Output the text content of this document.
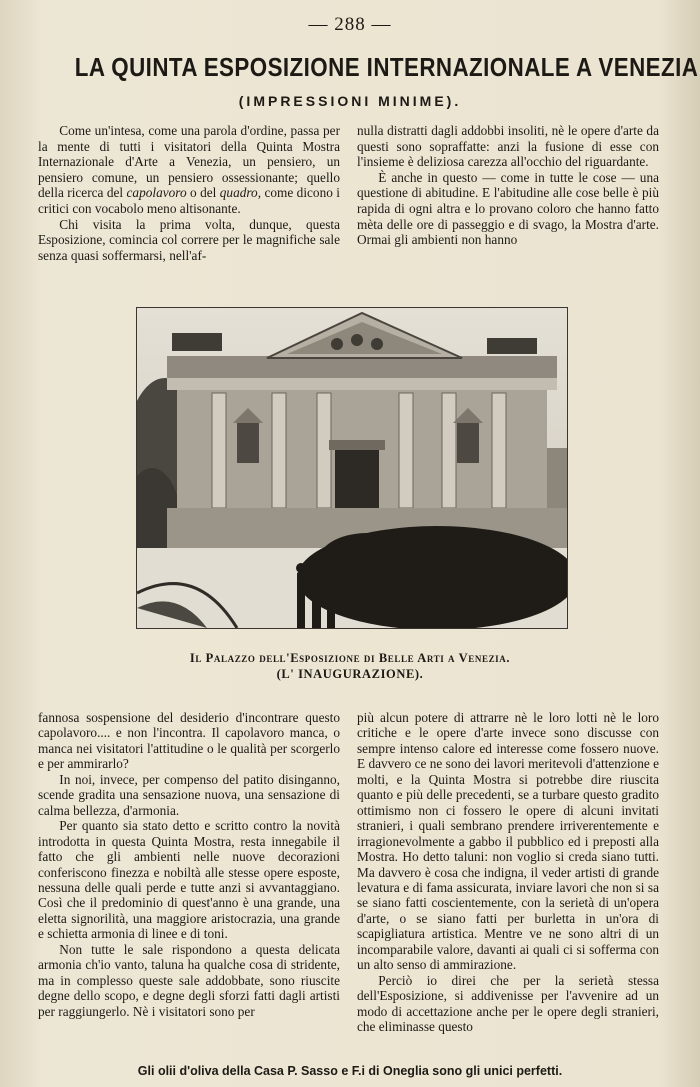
— 288 —
LA QUINTA ESPOSIZIONE INTERNAZIONALE A VENEZIA
(IMPRESSIONI MINIME).

Come un'intesa, come una parola d'ordine, passa per la mente di tutti i visitatori della Quinta Mostra Internazionale d'Arte a Venezia, un pensiero, un pensiero comune, un pensiero ossessionante; quello della ricerca del capolavoro o del quadro, come dicono i critici con vocabolo meno altisonante.

Chi visita la prima volta, dunque, questa Esposizione, comincia col correre per le magnifiche sale senza quasi soffermarsi, nell'af-

nulla distratti dagli addobbi insoliti, nè le opere d'arte da questi sono sopraffatte: anzi la fusione di esse con l'insieme è deliziosa carezza all'occhio del riguardante.

È anche in questo — come in tutte le cose — una questione di abitudine. E l'abitudine alle cose belle è più rapida di ogni altra e lo provano coloro che hanno fatto mèta delle ore di passeggio e di svago, la Mostra d'arte. Ormai gli ambienti non hanno

Il Palazzo dell'Esposizione di Belle Arti a Venezia.
(L' INAUGURAZIONE).

fannosa sospensione del desiderio d'incontrare questo capolavoro.... e non l'incontra. Il capolavoro manca, o manca nei visitatori l'attitudine o le qualità per scorgerlo e per ammirarlo?

In noi, invece, per compenso del patito disinganno, scende gradita una sensazione nuova, una sensazione di calma bellezza, d'armonia.

Per quanto sia stato detto e scritto contro la novità introdotta in questa Quinta Mostra, resta innegabile il fatto che gli ambienti nelle nuove decorazioni conferiscono finezza e nobiltà alle stesse opere esposte, nessuna delle quali perde e tutte anzi si avvantaggiano. Così che il predominio di quest'anno è una grande, una eletta signorilità, una maggiore aristocrazia, una grande e schietta armonia di linee e di toni.

Non tutte le sale rispondono a questa delicata armonia ch'io vanto, taluna ha qualche cosa di stridente, ma in complesso queste sale addobbate, sono riuscite degne dello scopo, e degne degli sforzi fatti dagli artisti per raggiungerlo. Nè i visitatori sono per

più alcun potere di attrarre nè le loro lotti nè le loro critiche e le opere d'arte invece sono discusse con sempre intenso calore ed interesse come fossero nuove. E davvero ce ne sono dei lavori meritevoli d'attenzione e molti, e la Quinta Mostra si potrebbe dire riuscita quanto e più delle precedenti, se a turbare questo gradito ottimismo non ci fossero le opere di alcuni invitati stranieri, i quali sembrano prendere irriverentemente e irragionevolmente a gabbo il pubblico ed i preposti alla Mostra. Ho detto taluni: non voglio si creda siano tutti. Ma davvero è cosa che indigna, il veder artisti di grande levatura e di fama assicurata, inviare lavori che non si sa se siano fatti coscientemente, con la serietà di un'opera d'arte, o se siano fatti per burletta in un'ora di scapigliatura artistica. Mentre ve ne sono altri di un incomparabile valore, davanti ai quali ci si sofferma con un alto senso di ammirazione.

Perciò io direi che per la serietà stessa dell'Esposizione, si addivenisse per l'avvenire ad un modo di accettazione anche per le opere degli stranieri, che eliminasse questo

Gli olii d'oliva della Casa P. Sasso e F.i di Oneglia sono gli unici perfetti.
